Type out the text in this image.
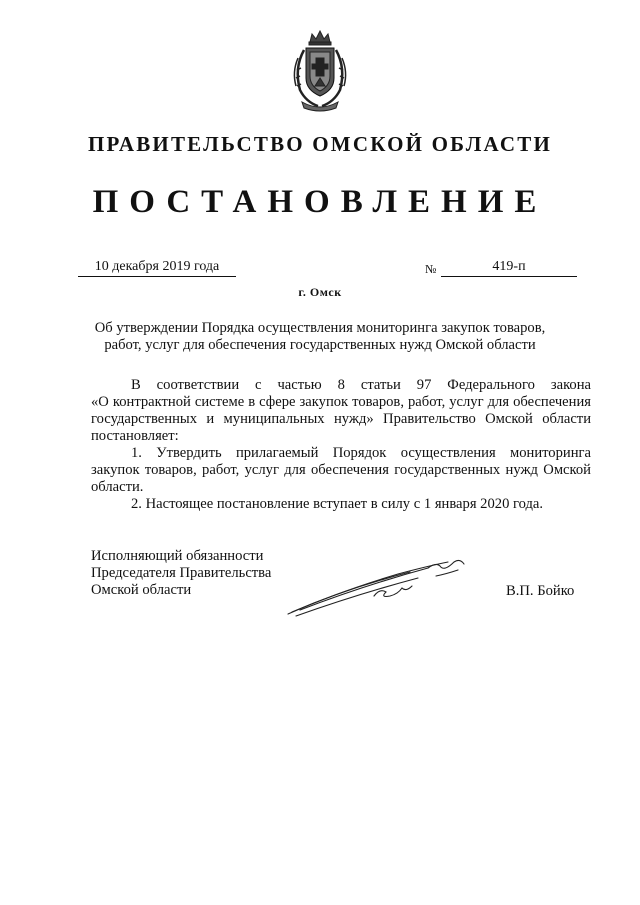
ПРАВИТЕЛЬСТВО ОМСКОЙ ОБЛАСТИ
ПОСТАНОВЛЕНИЕ
10 декабря 2019 года	№	419-п
г. Омск
Об утверждении Порядка осуществления мониторинга закупок товаров,
работ, услуг для обеспечения государственных нужд Омской области

В соответствии с частью 8 статьи 97 Федерального закона

«О контрактной системе в сфере закупок товаров, работ, услуг для обеспечения государственных и муниципальных нужд» Правительство Омской области постановляет:

1. Утвердить прилагаемый Порядок осуществления мониторинга

закупок товаров, работ, услуг для обеспечения государственных нужд Омской области.

2. Настоящее постановление вступает в силу с 1 января 2020 года.

Исполняющий обязанности
Председателя Правительства
Омской области	В.П. Бойко
